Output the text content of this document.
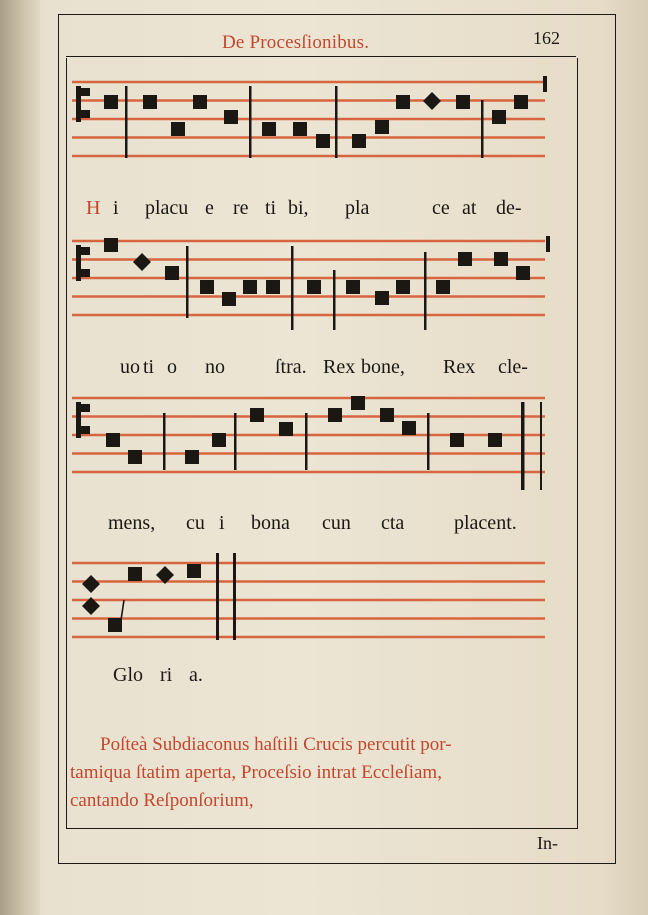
De Procesſionibus.	162
H i placu e re ti bi, pla	ce at de-
uo ti o no	ſtra. Rex bone, Rex cle-
mens, cu i bona cun cta placent.
Glo ri a.
Poſteà Subdiaconus haſtili Crucis percutit por-
tamiqua ſtatim aperta, Proceſsio intrat Eccleſiam,
cantando Reſponſorium,
In-
